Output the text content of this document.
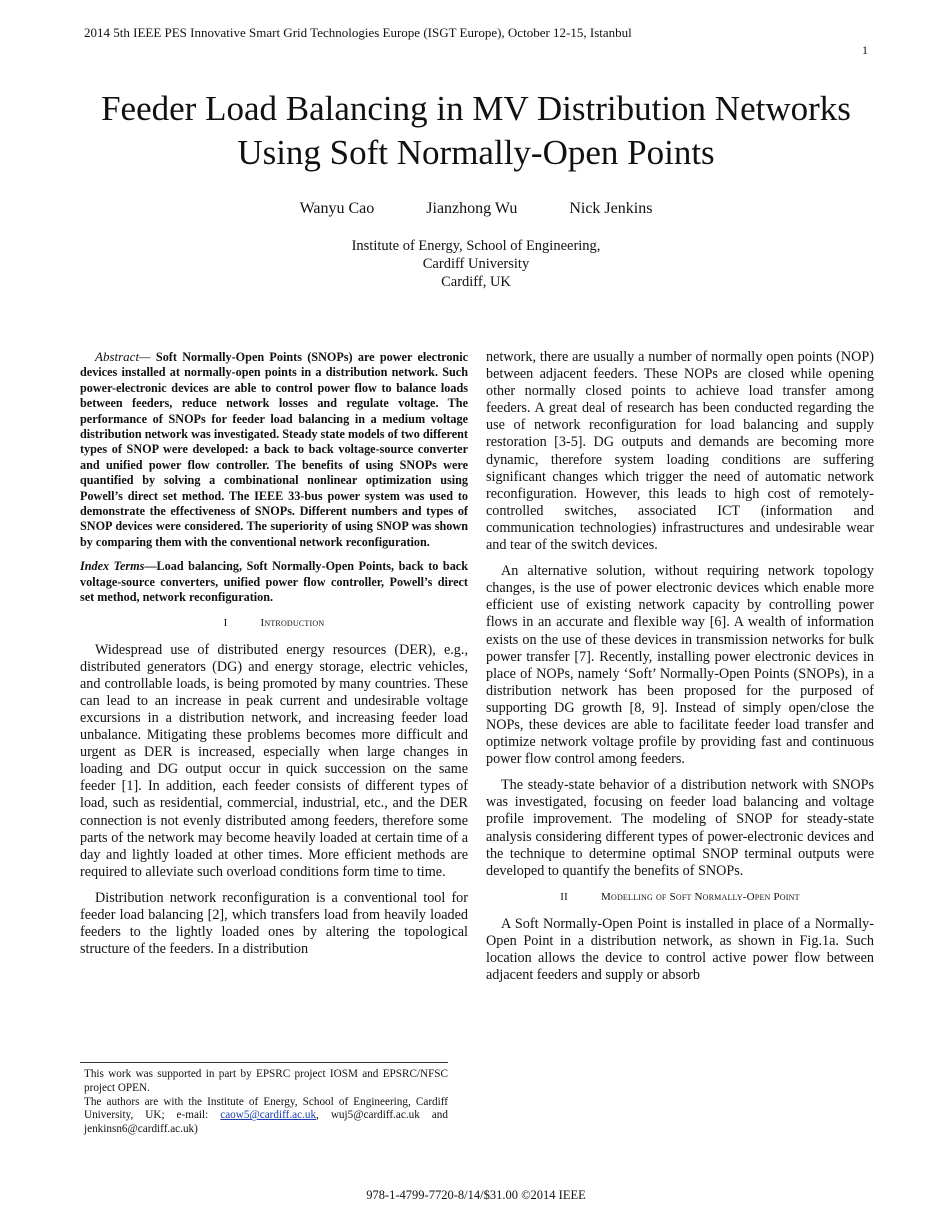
2014 5th IEEE PES Innovative Smart Grid Technologies Europe (ISGT Europe), October 12-15, Istanbul
1
Feeder Load Balancing in MV Distribution Networks
Using Soft Normally-Open Points
Wanyu Cao	Jianzhong Wu	Nick Jenkins
Institute of Energy, School of Engineering,
Cardiff University
Cardiff, UK

Abstract— Soft Normally-Open Points (SNOPs) are power electronic devices installed at normally-open points in a distribution network. Such power-electronic devices are able to control power flow to balance loads between feeders, reduce network losses and regulate voltage. The performance of SNOPs for feeder load balancing in a medium voltage distribution network was investigated. Steady state models of two different types of SNOP were developed: a back to back voltage-source converter and unified power flow controller. The benefits of using SNOPs were quantified by solving a combinational nonlinear optimization using Powell’s direct set method. The IEEE 33-bus power system was used to demonstrate the effectiveness of SNOPs. Different numbers and types of SNOP devices were considered. The superiority of using SNOP was shown by comparing them with the conventional network reconfiguration.

Index Terms—Load balancing, Soft Normally-Open Points, back to back voltage-source converters, unified power flow controller, Powell’s direct set method, network reconfiguration.

I	Introduction

Widespread use of distributed energy resources (DER), e.g., distributed generators (DG) and energy storage, electric vehicles, and controllable loads, is being promoted by many countries. These can lead to an increase in peak current and undesirable voltage excursions in a distribution network, and increasing feeder load unbalance. Mitigating these problems becomes more difficult and urgent as DER is increased, especially when large changes in loading and DG output occur in quick succession on the same feeder [1]. In addition, each feeder consists of different types of load, such as residential, commercial, industrial, etc., and the DER connection is not evenly distributed among feeders, therefore some parts of the network may become heavily loaded at certain time of a day and lightly loaded at other times. More efficient methods are required to alleviate such overload conditions form time to time.

Distribution network reconfiguration is a conventional tool for feeder load balancing [2], which transfers load from heavily loaded feeders to the lightly loaded ones by altering the topological structure of the feeders. In a distribution

network, there are usually a number of normally open points (NOP) between adjacent feeders. These NOPs are closed while opening other normally closed points to achieve load transfer among feeders. A great deal of research has been conducted regarding the use of network reconfiguration for load balancing and supply restoration [3-5]. DG outputs and demands are becoming more dynamic, therefore system loading conditions are suffering significant changes which trigger the need of automatic network reconfiguration. However, this leads to high cost of remotely-controlled switches, associated ICT (information and communication technologies) infrastructures and undesirable wear and tear of the switch devices.

An alternative solution, without requiring network topology changes, is the use of power electronic devices which enable more efficient use of existing network capacity by controlling power flows in an accurate and flexible way [6]. A wealth of information exists on the use of these devices in transmission networks for bulk power transfer [7]. Recently, installing power electronic devices in place of NOPs, namely ‘Soft’ Normally-Open Points (SNOPs), in a distribution network has been proposed for the purposed of supporting DG growth [8, 9]. Instead of simply open/close the NOPs, these devices are able to facilitate feeder load transfer and optimize network voltage profile by providing fast and continuous power flow control among feeders.

The steady-state behavior of a distribution network with SNOPs was investigated, focusing on feeder load balancing and voltage profile improvement. The modeling of SNOP for steady-state analysis considering different types of power-electronic devices and the technique to determine optimal SNOP terminal outputs were developed to quantify the benefits of SNOPs.

II	Modelling of Soft Normally-Open Point

A Soft Normally-Open Point is installed in place of a Normally-Open Point in a distribution network, as shown in Fig.1a. Such location allows the device to control active power flow between adjacent feeders and supply or absorb

This work was supported in part by EPSRC project IOSM and EPSRC/NFSC project OPEN.

The authors are with the Institute of Energy, School of Engineering, Cardiff University, UK; e-mail: caow5@cardiff.ac.uk, wuj5@cardiff.ac.uk and jenkinsn6@cardiff.ac.uk)

978-1-4799-7720-8/14/$31.00 ©2014 IEEE
